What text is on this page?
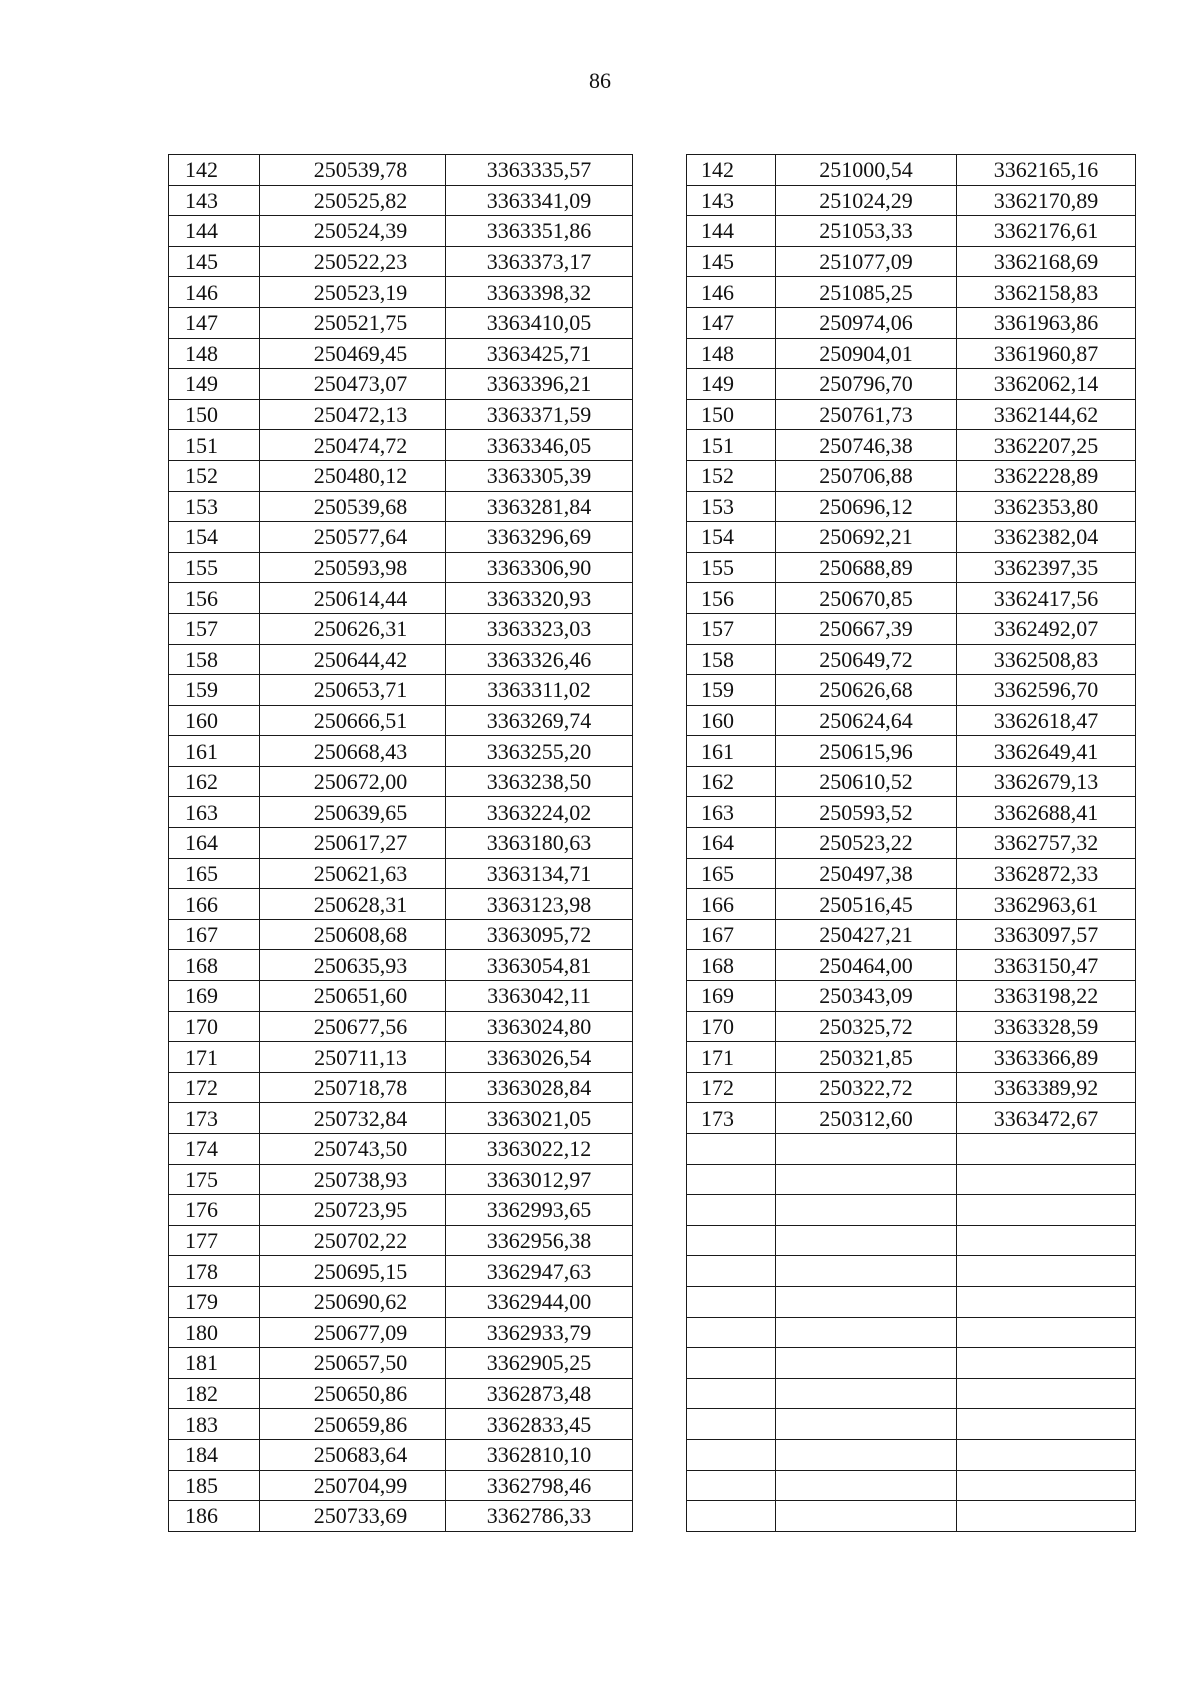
86
142	250539,78	3363335,57
143	250525,82	3363341,09
144	250524,39	3363351,86
145	250522,23	3363373,17
146	250523,19	3363398,32
147	250521,75	3363410,05
148	250469,45	3363425,71
149	250473,07	3363396,21
150	250472,13	3363371,59
151	250474,72	3363346,05
152	250480,12	3363305,39
153	250539,68	3363281,84
154	250577,64	3363296,69
155	250593,98	3363306,90
156	250614,44	3363320,93
157	250626,31	3363323,03
158	250644,42	3363326,46
159	250653,71	3363311,02
160	250666,51	3363269,74
161	250668,43	3363255,20
162	250672,00	3363238,50
163	250639,65	3363224,02
164	250617,27	3363180,63
165	250621,63	3363134,71
166	250628,31	3363123,98
167	250608,68	3363095,72
168	250635,93	3363054,81
169	250651,60	3363042,11
170	250677,56	3363024,80
171	250711,13	3363026,54
172	250718,78	3363028,84
173	250732,84	3363021,05
174	250743,50	3363022,12
175	250738,93	3363012,97
176	250723,95	3362993,65
177	250702,22	3362956,38
178	250695,15	3362947,63
179	250690,62	3362944,00
180	250677,09	3362933,79
181	250657,50	3362905,25
182	250650,86	3362873,48
183	250659,86	3362833,45
184	250683,64	3362810,10
185	250704,99	3362798,46
186	250733,69	3362786,33
142	251000,54	3362165,16
143	251024,29	3362170,89
144	251053,33	3362176,61
145	251077,09	3362168,69
146	251085,25	3362158,83
147	250974,06	3361963,86
148	250904,01	3361960,87
149	250796,70	3362062,14
150	250761,73	3362144,62
151	250746,38	3362207,25
152	250706,88	3362228,89
153	250696,12	3362353,80
154	250692,21	3362382,04
155	250688,89	3362397,35
156	250670,85	3362417,56
157	250667,39	3362492,07
158	250649,72	3362508,83
159	250626,68	3362596,70
160	250624,64	3362618,47
161	250615,96	3362649,41
162	250610,52	3362679,13
163	250593,52	3362688,41
164	250523,22	3362757,32
165	250497,38	3362872,33
166	250516,45	3362963,61
167	250427,21	3363097,57
168	250464,00	3363150,47
169	250343,09	3363198,22
170	250325,72	3363328,59
171	250321,85	3363366,89
172	250322,72	3363389,92
173	250312,60	3363472,67
